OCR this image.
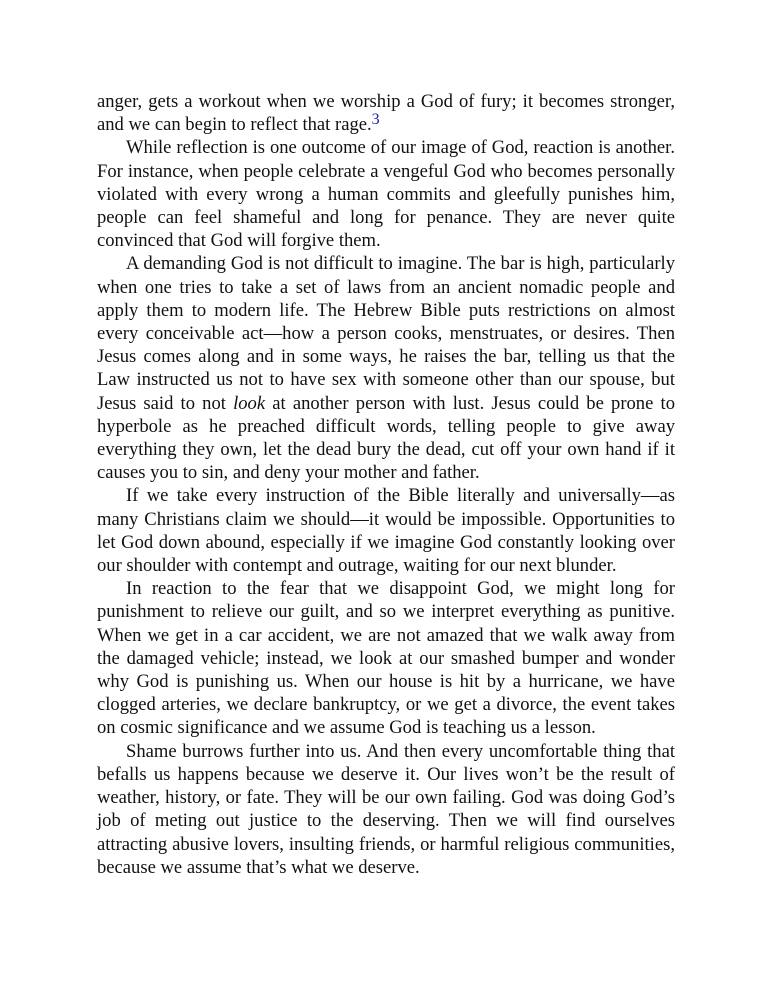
anger, gets a workout when we worship a God of fury; it becomes stronger, and we can begin to reflect that rage.$^3$

While reflection is one outcome of our image of God, reaction is another. For instance, when people celebrate a vengeful God who becomes personally violated with every wrong a human commits and gleefully punishes him, people can feel shameful and long for penance. They are never quite convinced that God will forgive them.

A demanding God is not difficult to imagine. The bar is high, particularly when one tries to take a set of laws from an ancient nomadic people and apply them to modern life. The Hebrew Bible puts restrictions on almost every conceivable act—how a person cooks, menstruates, or desires. Then Jesus comes along and in some ways, he raises the bar, telling us that the Law instructed us not to have sex with someone other than our spouse, but Jesus said to not look at another person with lust. Jesus could be prone to hyperbole as he preached difficult words, telling people to give away everything they own, let the dead bury the dead, cut off your own hand if it causes you to sin, and deny your mother and father.

If we take every instruction of the Bible literally and universally—as many Christians claim we should—it would be impossible. Opportunities to let God down abound, especially if we imagine God constantly looking over our shoulder with contempt and outrage, waiting for our next blunder.

In reaction to the fear that we disappoint God, we might long for punishment to relieve our guilt, and so we interpret everything as punitive. When we get in a car accident, we are not amazed that we walk away from the damaged vehicle; instead, we look at our smashed bumper and wonder why God is punishing us. When our house is hit by a hurricane, we have clogged arteries, we declare bankruptcy, or we get a divorce, the event takes on cosmic significance and we assume God is teaching us a lesson.

Shame burrows further into us. And then every uncomfortable thing that befalls us happens because we deserve it. Our lives won’t be the result of weather, history, or fate. They will be our own failing. God was doing God’s job of meting out justice to the deserving. Then we will find ourselves attracting abusive lovers, insulting friends, or harmful religious communities, because we assume that’s what we deserve.
